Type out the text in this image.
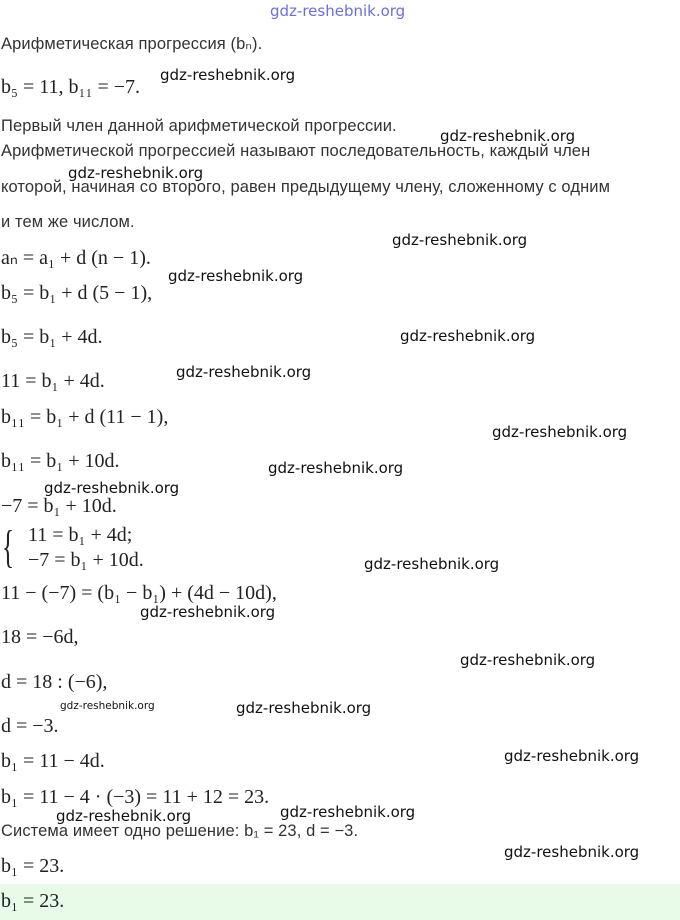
gdz-reshebnik.org
Арифметическая прогрессия (bₙ).
b₅ = 11, b₁₁ = −7.
Первый член данной арифметической прогрессии.
Арифметической прогрессией называют последовательность, каждый член
которой, начиная со второго, равен предыдущему члену, сложенному с одним
и тем же числом.
aₙ = a₁ + d (n − 1).
b₅ = b₁ + d (5 − 1),
b₅ = b₁ + 4d.
11 = b₁ + 4d.
b₁₁ = b₁ + d (11 − 1),
b₁₁ = b₁ + 10d.
−7 = b₁ + 10d.
{ 11 = b₁ + 4d;
−7 = b₁ + 10d.
11 − (−7) = (b₁ − b₁) + (4d − 10d),
18 = −6d,
d = 18 : (−6),
d = −3.
b₁ = 11 − 4d.
b₁ = 11 − 4 · (−3) = 11 + 12 = 23.
Система имеет одно решение: b₁ = 23, d = −3.
b₁ = 23.
b₁ = 23.
gdz-reshebnik.org
gdz-reshebnik.org
gdz-reshebnik.org
gdz-reshebnik.org
gdz-reshebnik.org
gdz-reshebnik.org
gdz-reshebnik.org
gdz-reshebnik.org
gdz-reshebnik.org
gdz-reshebnik.org
gdz-reshebnik.org
gdz-reshebnik.org
gdz-reshebnik.org
gdz-reshebnik.org	gdz-reshebnik.org
gdz-reshebnik.org
gdz-reshebnik.org
gdz-reshebnik.org
gdz-reshebnik.org
